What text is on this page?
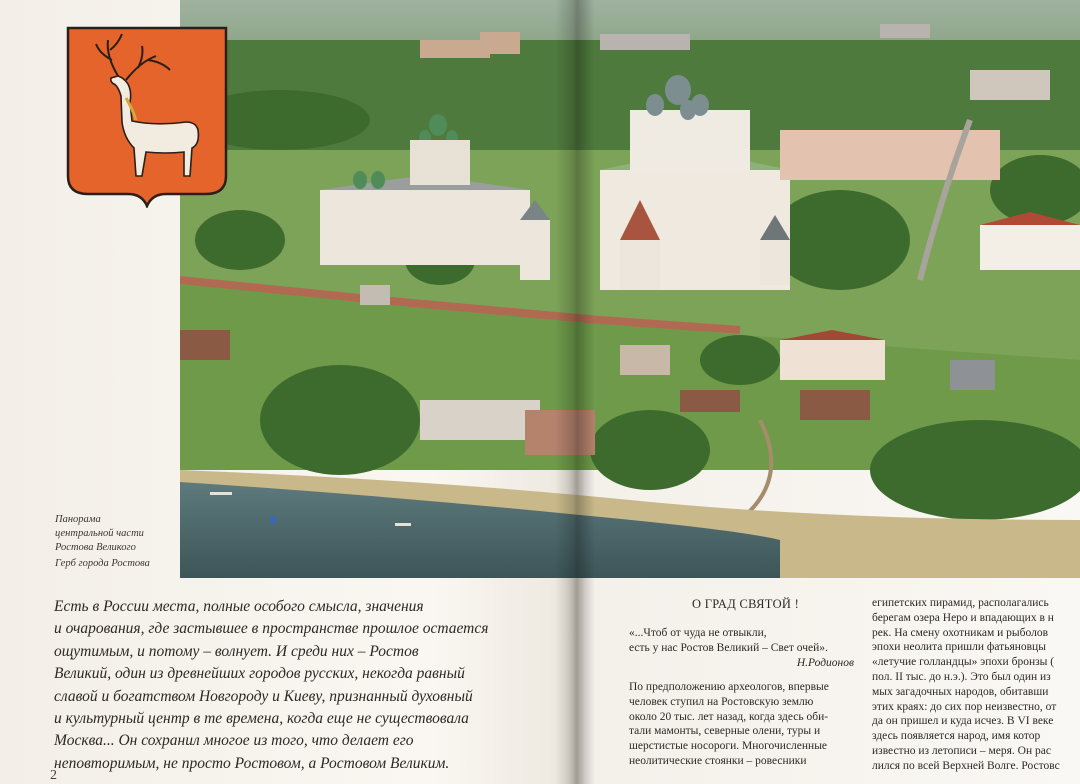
Панорама
центральной части
Ростова Великого
Герб города Ростова
Есть в России места, полные особого смысла, значения
и очарования, где застывшее в пространстве прошлое остается
ощутимым, и потому – волнует. И среди них – Ростов
Великий, один из древнейших городов русских, некогда равный
славой и богатством Новгороду и Киеву, признанный духовный
и культурный центр в те времена, когда еще не существовала
Москва... Он сохранил многое из того, что делает его
неповторимым, не просто Ростовом, а Ростовом Великим.
2
О ГРАД СВЯТОЙ !
«...Чтоб от чуда не отвыкли,
есть у нас Ростов Великий – Свет очей».
Н.Родионов
По предположению археологов, впервые
человек ступил на Ростовскую землю
около 20 тыс. лет назад, когда здесь оби-
тали мамонты, северные олени, туры и
шерстистые носороги. Многочисленные
неолитические стоянки – ровесники
египетских пирамид, располагались
берегам озера Неро и впадающих в н
рек. На смену охотникам и рыболов
эпохи неолита пришли фатьяновцы
«летучие голландцы» эпохи бронзы (
пол. II тыс. до н.э.). Это был один из
мых загадочных народов, обитавши
этих краях: до сих пор неизвестно, от
да он пришел и куда исчез. В VI веке
здесь появляется народ, имя котор
известно из летописи – меря. Он рас
лился по всей Верхней Волге. Ростовс
